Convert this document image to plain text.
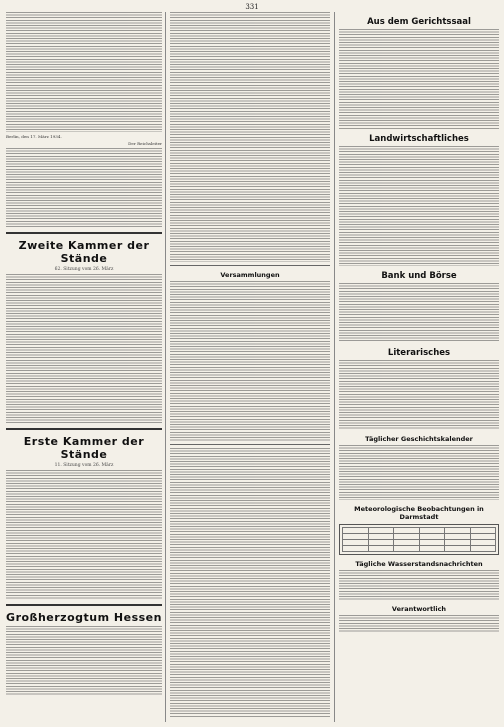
331

Berlin, den 17. März 1934.

Der Reichsleiter

Zweite Kammer der Stände
62. Sitzung vom 26. März

Erste Kammer der Stände
11. Sitzung vom 26. März

Großherzogtum Hessen

Versammlungen

Aus dem Gerichtssaal

Landwirtschaftliches

Bank und Börse

Literarisches

Täglicher Geschichtskalender

Meteorologische Beobachtungen in Darmstadt

Tägliche Wasserstandsnachrichten

Verantwortlich
